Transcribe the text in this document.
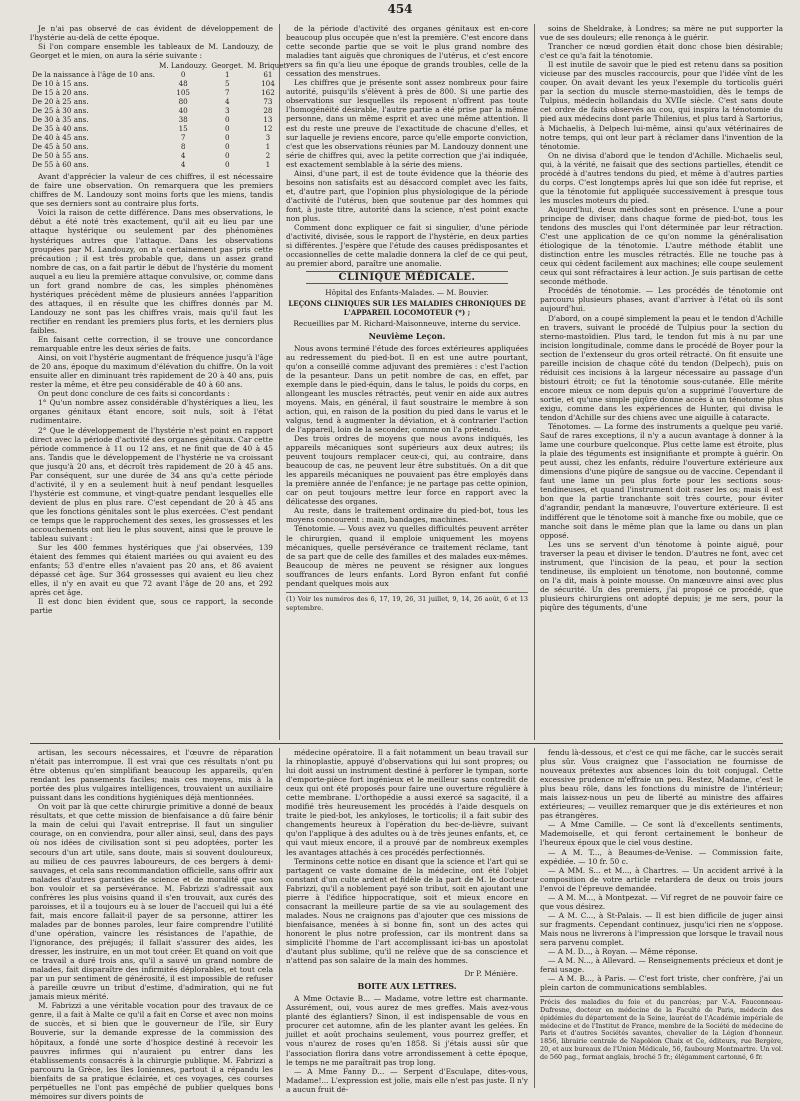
454

Je n'ai pas observé de cas évident de développement de l'hystérie au-delà de cette époque.

Si l'on compare ensemble les tableaux de M. Landouzy, de Georget et le mien, on aura la série suivante :

	M. Landouzy.	Georget.	M. Briquet.
De la naissance à l'âge de 10 ans.	0	1	61
De 10 à 15 ans.	48	5	104
De 15 à 20 ans.	105	7	162
De 20 à 25 ans.	80	4	73
De 25 à 30 ans.	40	3	28
De 30 à 35 ans.	38	0	13
De 35 à 40 ans.	15	0	12
De 40 à 45 ans.	7	0	3
De 45 à 50 ans.	8	0	1
De 50 à 55 ans.	4	0	2
De 55 à 60 ans.	4	0	1

Avant d'apprécier la valeur de ces chiffres, il est nécessaire de faire une observation. On remarquera que les premiers chiffres de M. Landouzy sont moins forts que les miens, tandis que ses derniers sont au contraire plus forts.

Voici la raison de cette différence. Dans mes observations, le début a été noté très exactement, qu'il ait eu lieu par une attaque hystérique ou seulement par des phénomènes hystériques autres que l'attaque. Dans les observations groupées par M. Landouzy, on n'a certainement pas pris cette précaution ; il est très probable que, dans un assez grand nombre de cas, on a fait partir le début de l'hystérie du moment auquel a eu lieu la première attaque convulsive, or, comme dans un fort grand nombre de cas, les simples phénomènes hystériques précèdent même de plusieurs années l'apparition des attaques, il en résulte que les chiffres donnés par M. Landouzy ne sont pas les chiffres vrais, mais qu'il faut les rectifier en rendant les premiers plus forts, et les derniers plus faibles.

En faisant cette correction, il se trouve une concordance remarquable entre les deux séries de faits.

Ainsi, on voit l'hystérie augmentant de fréquence jusqu'à l'âge de 20 ans, époque du maximum d'élévation du chiffre. On la voit ensuite aller en diminuant très rapidement de 20 à 40 ans, puis rester la même, et être peu considérable de 40 à 60 ans.

On peut donc conclure de ces faits si concordants :

1° Qu'un nombre assez considérable d'hystériques a lieu, les organes génitaux étant encore, soit nuls, soit à l'état rudimentaire.

2° Que le développement de l'hystérie n'est point en rapport direct avec la période d'activité des organes génitaux. Car cette période commence à 11 ou 12 ans, et ne finit que de 40 à 45 ans. Tandis que le développement de l'hystérie ne va croissant que jusqu'à 20 ans, et décroît très rapidement de 20 à 45 ans. Par conséquent, sur une durée de 34 ans qu'a cette période d'activité, il y en a seulement huit à neuf pendant lesquelles l'hystérie est commune, et vingt-quatre pendant lesquelles elle devient de plus en plus rare. C'est cependant de 20 à 45 ans que les fonctions génitales sont le plus exercées. C'est pendant ce temps que le rapprochement des sexes, les grossesses et les accouchements ont lieu le plus souvent, ainsi que le prouve le tableau suivant :

Sur les 400 femmes hystériques que j'ai observées, 139 étaient des femmes qui étaient mariées ou qui avaient eu des enfants; 53 d'entre elles n'avaient pas 20 ans, et 86 avaient dépassé cet âge. Sur 364 grossesses qui avaient eu lieu chez elles, il n'y en avait eu que 72 avant l'âge de 20 ans, et 292 après cet âge.

Il est donc bien évident que, sous ce rapport, la seconde partie

de la période d'activité des organes génitaux est en-core beaucoup plus occupée que n'est la première. C'est encore dans cette seconde partie que se voit le plus grand nombre des maladies tant aiguës que chroniques de l'utérus, et c'est encore vers sa fin qu'a lieu une époque de grands troubles, celle de la cessation des menstrues.

Les chiffres que je présente sont assez nombreux pour faire autorité, puisqu'ils s'élèvent à près de 800. Si une partie des observations sur lesquelles ils reposent n'offrent pas toute l'homogénéité désirable, l'autre partie a été prise par la même personne, dans un même esprit et avec une même attention. Il est du reste une preuve de l'exactitude de chacune d'elles, et sur laquelle je reviens encore, parce qu'elle emporte conviction, c'est que les observations réunies par M. Landouzy donnent une série de chiffres qui, avec la petite correction que j'ai indiquée, est exactement semblable à la série des miens.

Ainsi, d'une part, il est de toute évidence que la théorie des besoins non satisfaits est au désaccord complet avec les faits, et, d'autre part, que l'opinion plus physiologique de la période d'activité de l'utérus, bien que soutenue par des hommes qui font, à juste titre, autorité dans la science, n'est point exacte non plus.

Comment donc expliquer ce fait si singulier, d'une période d'activité, divisée, sous le rapport de l'hystérie, en deux parties si différentes. J'espère que l'étude des causes prédisposantes et occasionnelles de cette maladie donnera la clef de ce qui peut, au premier abord, paraître une anomalie.

CLINIQUE MÉDICALE.
Hôpital des Enfants-Malades. — M. Bouvier.
LEÇONS CLINIQUES SUR LES MALADIES CHRONIQUES DE L'APPAREIL LOCOMOTEUR (*) ;
Recueillies par M. Richard-Maisonneuve, interne du service.
Neuvième Leçon.

Nous avons terminé l'étude des forces extérieures appliquées au redressement du pied-bot. Il en est une autre pourtant, qu'on a conseillé comme adjuvant des premières : c'est l'action de la pesanteur. Dans un petit nombre de cas, en effet, par exemple dans le pied-équin, dans le talus, le poids du corps, en allongeant les muscles rétractés, peut venir en aide aux autres moyens. Mais, en général, il faut soustraire le membre à son action, qui, en raison de la position du pied dans le varus et le valgus, tend à augmenter la déviation, et à contrarier l'action de l'appareil, loin de la seconder, comme on l'a prétendu.

Des trois ordres de moyens que nous avons indiqués, les appareils mécaniques sont supérieurs aux deux autres; ils peuvent toujours remplacer ceux-ci, qui, au contraire, dans beaucoup de cas, ne peuvent leur être substitués. On a dit que les appareils mécaniques ne pouvaient pas être employés dans la première année de l'enfance; je ne partage pas cette opinion, car on peut toujours mettre leur force en rapport avec la délicatesse des organes.

Au reste, dans le traitement ordinaire du pied-bot, tous les moyens concourent : main, bandages, machines.

Ténotomie. — Vous avez vu quelles difficultés peuvent arrêter le chirurgien, quand il emploie uniquement les moyens mécaniques, quelle persévérance ce traitement réclame, tant de sa part que de celle des familles et des malades eux-mêmes. Beaucoup de mères ne peuvent se résigner aux longues souffrances de leurs enfants. Lord Byron enfant fut confié pendant quelques mois aux

(1) Voir les numéros des 6, 17, 19, 26, 31 juillet, 9, 14, 26 août, 6 et 13 septembre.

soins de Sheldrake, à Londres; sa mère ne put supporter la vue de ses douleurs; elle renonça à le guérir.

Trancher ce nœud gordien était donc chose bien désirable; c'est ce qu'a fait la ténotomie.

Il est inutile de savoir que le pied est retenu dans sa position vicieuse par des muscles raccourcis, pour que l'idée vînt de les couper. On avait devant les yeux l'exemple du torticolis guéri par la section du muscle sterno-mastoïdien, dès le temps de Tulpius, médecin hollandais du XVIIe siècle. C'est sans doute cet ordre de faits observés au cou, qui inspira la ténotomie du pied aux médecins dont parle Thilenius, et plus tard à Sartorius, à Michaelis, à Delpech lui-même, ainsi qu'aux vétérinaires de notre temps, qui ont leur part à réclamer dans l'invention de la ténotomie.

On ne divisa d'abord que le tendon d'Achille. Michaelis seul, qui, à la vérité, ne faisait que des sections partielles, étendit ce procédé à d'autres tendons du pied, et même à d'autres parties du corps. C'est longtemps après lui que son idée fut reprise, et que la ténotomie fut appliquée successivement à presque tous les muscles moteurs du pied.

Aujourd'hui, deux méthodes sont en présence. L'une a pour principe de diviser, dans chaque forme de pied-bot, tous les tendons des muscles qui l'ont déterminée par leur rétraction. C'est une application de ce qu'on nomme la généralisation étiologique de la ténotomie. L'autre méthode établit une distinction entre les muscles rétractés. Elle ne touche pas à ceux qui cèdent facilement aux machines; elle coupe seulement ceux qui sont réfractaires à leur action. Je suis partisan de cette seconde méthode.

Procédés de ténotomie. — Les procédés de ténotomie ont parcouru plusieurs phases, avant d'arriver à l'état où ils sont aujourd'hui.

D'abord, on a coupé simplement la peau et le tendon d'Achille en travers, suivant le procédé de Tulpius pour la section du sterno-mastoïdien. Plus tard, le tendon fut mis à nu par une incision longitudinale, comme dans le procédé de Boyer pour la section de l'extenseur du gros orteil rétracté. On fit ensuite une pareille incision de chaque côté du tendon (Delpech), puis on réduisit ces incisions à la largeur nécessaire au passage d'un bistouri étroit; ce fut la ténotomie sous-cutanée. Elle mérite encore mieux ce nom depuis qu'on a supprimé l'ouverture de sortie, et qu'une simple piqûre donne accès à un ténotome plus exigu, comme dans les expériences de Hunter, qui divisa le tendon d'Achille sur des chiens avec une aiguille à cataracte.

Ténotomes. — La forme des instruments a quelque peu varié. Sauf de rares exceptions, il n'y a aucun avantage à donner à la lame une courbure quelconque. Plus cette lame est étroite, plus la plaie des téguments est insignifiante et prompte à guérir. On peut aussi, chez les enfants, réduire l'ouverture extérieure aux dimensions d'une piqûre de sangsue ou de vaccine. Cependant il faut une lame un peu plus forte pour les sections sous-tendineuses, et quand l'instrument doit raser les os; mais il est bon que la partie tranchante soit très courte, pour éviter d'agrandir, pendant la manœuvre, l'ouverture extérieure. Il est indifférent que le ténotome soit à manche fixe ou mobile, que ce manche soit dans le même plan que la lame ou dans un plan opposé.

Les uns se servent d'un ténotome à pointe aiguë, pour traverser la peau et diviser le tendon. D'autres ne font, avec cet instrument, que l'incision de la peau, et pour la section tendineuse, ils emploient un ténotome, non boutonné, comme on l'a dit, mais à pointe mousse. On manœuvre ainsi avec plus de sécurité. Un des premiers, j'ai proposé ce procédé, que plusieurs chirurgiens ont adopté depuis; je me sers, pour la piqûre des téguments, d'une

artisan, les secours nécessaires, et l'œuvre de réparation n'était pas interrompue. Il est vrai que ces résultats n'ont pu être obtenus qu'en simplifiant beaucoup les appareils, qu'en rendant les pansements faciles; mais ces moyens, mis à la portée des plus vulgaires intelligences, trouvaient un auxiliaire puissant dans les conditions hygiéniques déjà mentionnées.

On voit par là que cette chirurgie primitive a donné de beaux résultats, et que cette mission de bienfaisance a dû faire bénir la main de celui qui l'avait entreprise. Il faut un singulier courage, on en conviendra, pour aller ainsi, seul, dans des pays où nos idées de civilisation sont si peu adoptées, porter les secours d'un art utile, sans doute, mais si souvent douloureux, au milieu de ces pauvres laboureurs, de ces bergers à demi-sauvages, et cela sans recommandation officielle, sans offrir aux malades d'autres garanties de science et de moralité que son bon vouloir et sa persévérance. M. Fabrizzi s'adressait aux confrères les plus voisins quand il s'en trouvait, aux curés des paroisses, et il a toujours eu à se louer de l'accueil qui lui a été fait, mais encore fallait-il payer de sa personne, attirer les malades par de bonnes paroles, leur faire comprendre l'utilité d'une opération, vaincre les résistances de l'apathie, de l'ignorance, des préjugés; il fallait s'assurer des aides, les dresser, les instruire, en un mot tout créer. Et quand on voit que ce travail a duré trois ans, qu'il a sauvé un grand nombre de malades, fait disparaître des infirmités déplorables, et tout cela par un pur sentiment de générosité, il est impossible de refuser à pareille œuvre un tribut d'estime, d'admiration, qui ne fut jamais mieux mérité.

M. Fabrizzi a une véritable vocation pour des travaux de ce genre, il a fait à Malte ce qu'il a fait en Corse et avec non moins de succès, et si bien que le gouverneur de l'île, sir Eury Bouverie, sur la demande expresse de la commission des hôpitaux, a fondé une sorte d'hospice destiné à recevoir les pauvres infirmes qui n'auraient pu entrer dans les établissements consacrés à la chirurgie publique. M. Fabrizzi a parcouru la Grèce, les îles Ioniennes, partout il a répandu les bienfaits de sa pratique éclairée, et ces voyages, ces courses perpétuelles ne l'ont pas empêché de publier quelques bons mémoires sur divers points de

médecine opératoire. Il a fait notamment un beau travail sur la rhinoplastie, appuyé d'observations qui lui sont propres; ou lui doit aussi un instrument destiné à perforer le tympan, sorte d'emporte-pièce fort ingénieux et le meilleur sans contredit de ceux qui ont été proposés pour faire une ouverture régulière à cette membrane. L'orthopédie a aussi exercé sa sagacité, il a modifié très heureusement les procédés à l'aide desquels on traite le pied-bot, les ankyloses, le torticolis; il a fait subir des changements heureux à l'opération du bec-de-lièvre, suivant qu'on l'applique à des adultes ou à de très jeunes enfants, et, ce qui vaut mieux encore, il a prouvé par de nombreux exemples les avantages attachés à ces procédés perfectionnés.

Terminons cette notice en disant que la science et l'art qui se partagent ce vaste domaine de la médecine, ont été l'objet constant d'un culte ardent et fidèle de la part de M. le docteur Fabrizzi, qu'il a noblement payé son tribut, soit en ajoutant une pierre à l'édifice hippocratique, soit et mieux encore en consacrant la meilleure partie de sa vie au soulagement des malades. Nous ne craignons pas d'ajouter que ces missions de bienfaisance, menées à si bonne fin, sont un des actes qui honorent le plus notre profession, car ils montrent dans sa simplicité l'homme de l'art accomplissant ici-bas un apostolat d'autant plus sublime, qu'il ne relève que de sa conscience et n'attend pas son salaire de la main des hommes.

Dr P. Ménière.
BOITE AUX LETTRES.

A Mme Octavie B... — Madame, votre lettre est charmante. Assurément, oui, vous aurez de mes greffes. Mais avez-vous planté des églantiers? Sinon, il est indispensable de vous en procurer cet automne, afin de les planter avant les gelées. En juillet et août prochains seulement, vous pourrez greffer, et vous n'aurez de roses qu'en 1858. Si j'étais aussi sûr que l'association florira dans votre arrondissement à cette époque, le temps ne me paraîtrait pas trop long.

— A Mme Fanny D... — Serpent d'Esculape, dites-vous, Madame!... L'expression est jolie, mais elle n'est pas juste. Il n'y a aucun fruit dé-

fendu là-dessous, et c'est ce qui me fâche, car le succès serait plus sûr. Vous craignez que l'association ne fournisse de nouveaux prétextes aux absences loin du toit conjugal. Cette excessive prudence m'effraie un peu. Restez, Madame, c'est le plus beau rôle, dans les fonctions du ministre de l'intérieur; mais laissez-nous un peu de liberté au ministre des affaires extérieures; — veuillez remarquer que je dis extérieures et non pas étrangères.

— A Mme Camille. — Ce sont là d'excellents sentiments, Mademoiselle, et qui feront certainement le bonheur de l'heureux époux que le ciel vous destine.

— A M. T..., à Beaumes-de-Venise. — Commission faite, expédiée. — 10 fr. 50 c.

— A MM. S... et M..., à Chartres. — Un accident arrivé à la composition de votre article retardera de deux ou trois jours l'envoi de l'épreuve demandée.

— A M. M..., à Montpezat. — Vif regret de ne pouvoir faire ce que vous désirez.

— A M. C..., à St-Palais. — Il est bien difficile de juger ainsi sur fragments. Cependant continuez, jusqu'ici rien ne s'oppose. Mais nous ne livrerons à l'impression que lorsque le travail nous sera parvenu complet.

— A M. D..., à Royan. — Même réponse.

— A M. N..., à Allevard. — Renseignements précieux et dont je ferai usage.

— A M. B..., à Paris. — C'est fort triste, cher confrère, j'ai un plein carton de communications semblables.

Précis des maladies du foie et du pancréas; par V.-A. Fauconneau-Dufresne, docteur en médecine de la Faculté de Paris, médecin des épidémies du département de la Seine, lauréat de l'Académie impériale de médecine et de l'Institut de France, membre de la Société de médecine de Paris et d'autres Sociétés savantes, chevalier de la Légion d'honneur. 1856, librairie centrale de Napoléon Chaix et Ce, éditeurs, rue Bergère, 20, et aux bureaux de l'Union Médicale, 56, faubourg Montmartre. Un vol. de 560 pag., format anglais, broché 5 fr.; élégamment cartonné, 6 fr.
